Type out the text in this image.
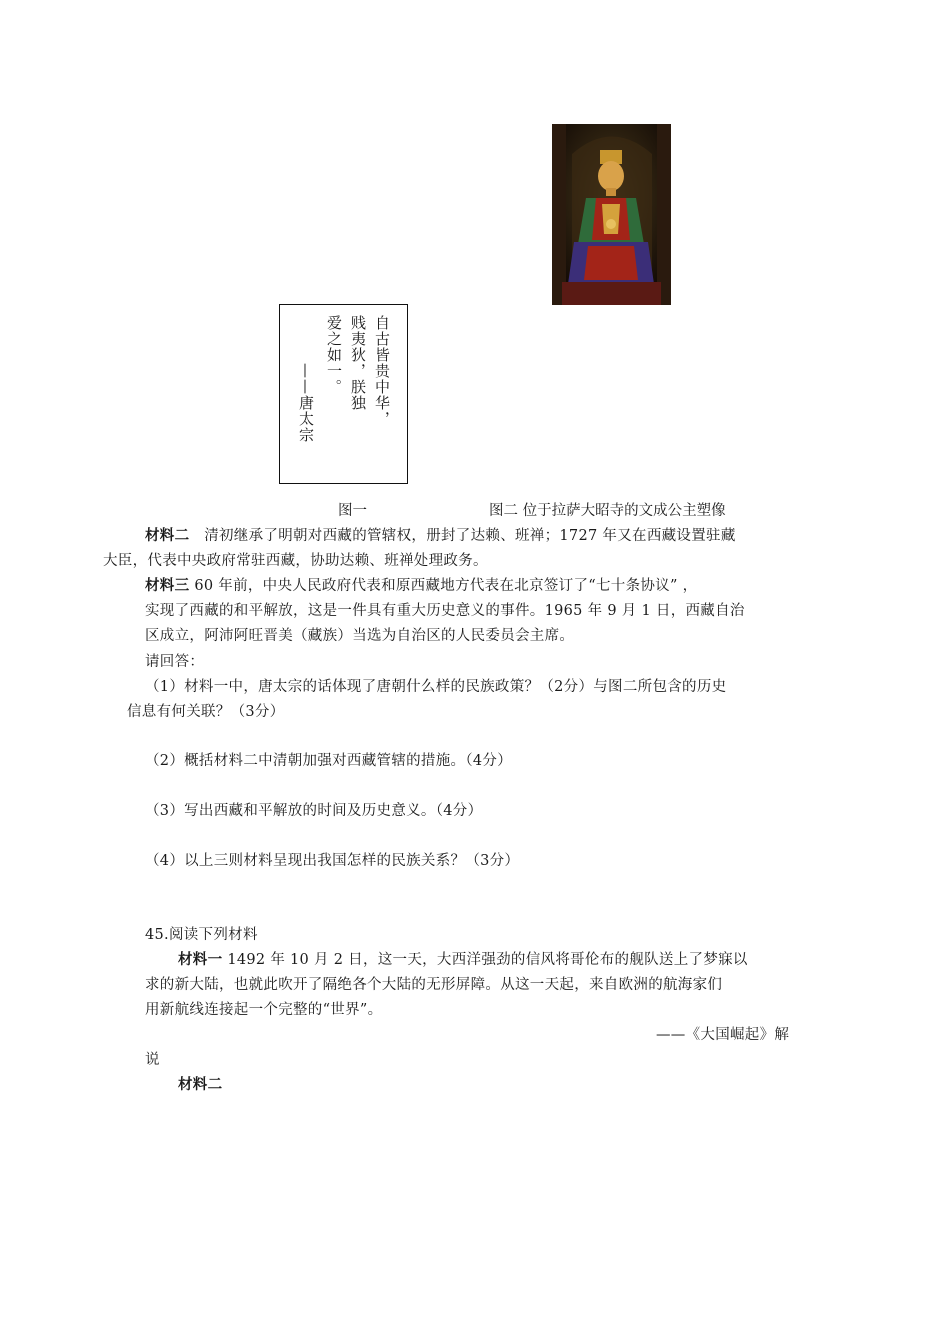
自古皆贵中华，
贱夷狄，朕独
爱之如一。
——唐太宗
图一	图二 位于拉萨大昭寺的文成公主塑像
材料二　清初继承了明朝对西藏的管辖权，册封了达赖、班禅；1727 年又在西藏设置驻藏
大臣，代表中央政府常驻西藏，协助达赖、班禅处理政务。
材料三 60 年前，中央人民政府代表和原西藏地方代表在北京签订了“七十条协议” ，
实现了西藏的和平解放，这是一件具有重大历史意义的事件。1965 年 9 月 1 日，西藏自治
区成立，阿沛阿旺晋美（藏族）当选为自治区的人民委员会主席。
请回答：
（1）材料一中，唐太宗的话体现了唐朝什么样的民族政策？（2分）与图二所包含的历史
信息有何关联？（3分）
（2）概括材料二中清朝加强对西藏管辖的措施。（4分）
（3）写出西藏和平解放的时间及历史意义。（4分）
（4）以上三则材料呈现出我国怎样的民族关系？（3分）
45.阅读下列材料
材料一 1492 年 10 月 2 日，这一天，大西洋强劲的信风将哥伦布的舰队送上了梦寐以
求的新大陆，也就此吹开了隔绝各个大陆的无形屏障。从这一天起，来自欧洲的航海家们
用新航线连接起一个完整的“世界”。
——《大国崛起》解
说
材料二
